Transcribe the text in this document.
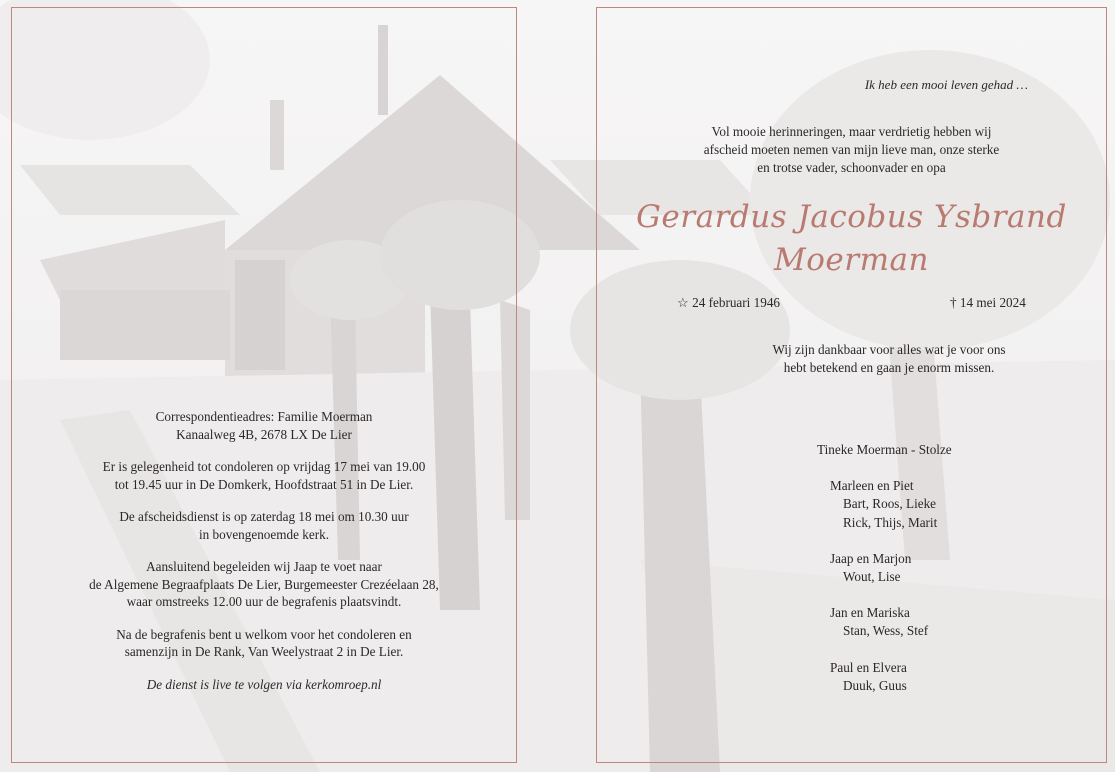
Correspondentieadres: Familie Moerman
Kanaalweg 4B, 2678 LX De Lier

Er is gelegenheid tot condoleren op vrijdag 17 mei van 19.00
tot 19.45 uur in De Domkerk, Hoofdstraat 51 in De Lier.

De afscheidsdienst is op zaterdag 18 mei om 10.30 uur
in bovengenoemde kerk.

Aansluitend begeleiden wij Jaap te voet naar
de Algemene Begraafplaats De Lier, Burgemeester Crezéelaan 28,
waar omstreeks 12.00 uur de begrafenis plaatsvindt.

Na de begrafenis bent u welkom voor het condoleren en
samenzijn in De Rank, Van Weelystraat 2 in De Lier.

De dienst is live te volgen via kerkomroep.nl

Ik heb een mooi leven gehad …
Vol mooie herinneringen, maar verdrietig hebben wij
afscheid moeten nemen van mijn lieve man, onze sterke
en trotse vader, schoonvader en opa
Gerardus Jacobus Ysbrand
Moerman
☆ 24 februari 1946	† 14 mei 2024
Wij zijn dankbaar voor alles wat je voor ons
hebt betekend en gaan je enorm missen.
Tineke Moerman - Stolze
Marleen en Piet
Bart, Roos, Lieke
Rick, Thijs, Marit
Jaap en Marjon
Wout, Lise
Jan en Mariska
Stan, Wess, Stef
Paul en Elvera
Duuk, Guus
